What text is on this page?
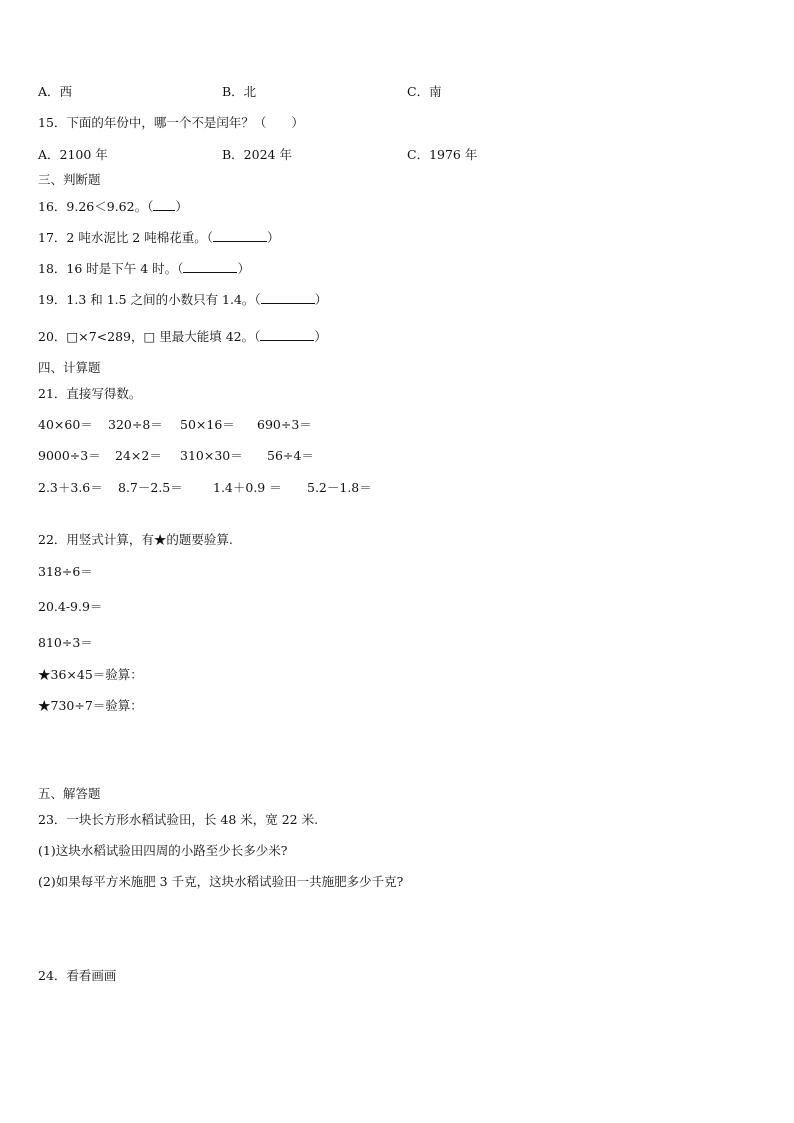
A．西	B．北	C．南
15．下面的年份中，哪一个不是闰年？（　　）
A．2100 年	B．2024 年	C．1976 年
三、判断题
16．9.26＜9.62。（ ）
17．2 吨水泥比 2 吨棉花重。（	）
18．16 时是下午 4 时。（	）
19．1.3 和 1.5 之间的小数只有 1.4。（	）
20．□×7<289，□ 里最大能填 42。（	）
四、计算题
21．直接写得数。
40×60＝ 320÷8＝ 50×16＝ 690÷3＝
9000÷3＝ 24×2＝ 310×30＝ 56÷4＝
2.3＋3.6＝ 8.7－2.5＝ 1.4＋0.9 ＝ 5.2－1.8＝
22．用竖式计算，有★的题要验算.
318÷6＝
20.4-9.9＝
810÷3＝
★36×45＝验算：
★730÷7＝验算：
五、解答题
23．一块长方形水稻试验田，长 48 米，宽 22 米.
(1)这块水稻试验田四周的小路至少长多少米?
(2)如果每平方米施肥 3 千克，这块水稻试验田一共施肥多少千克?
24．看看画画
